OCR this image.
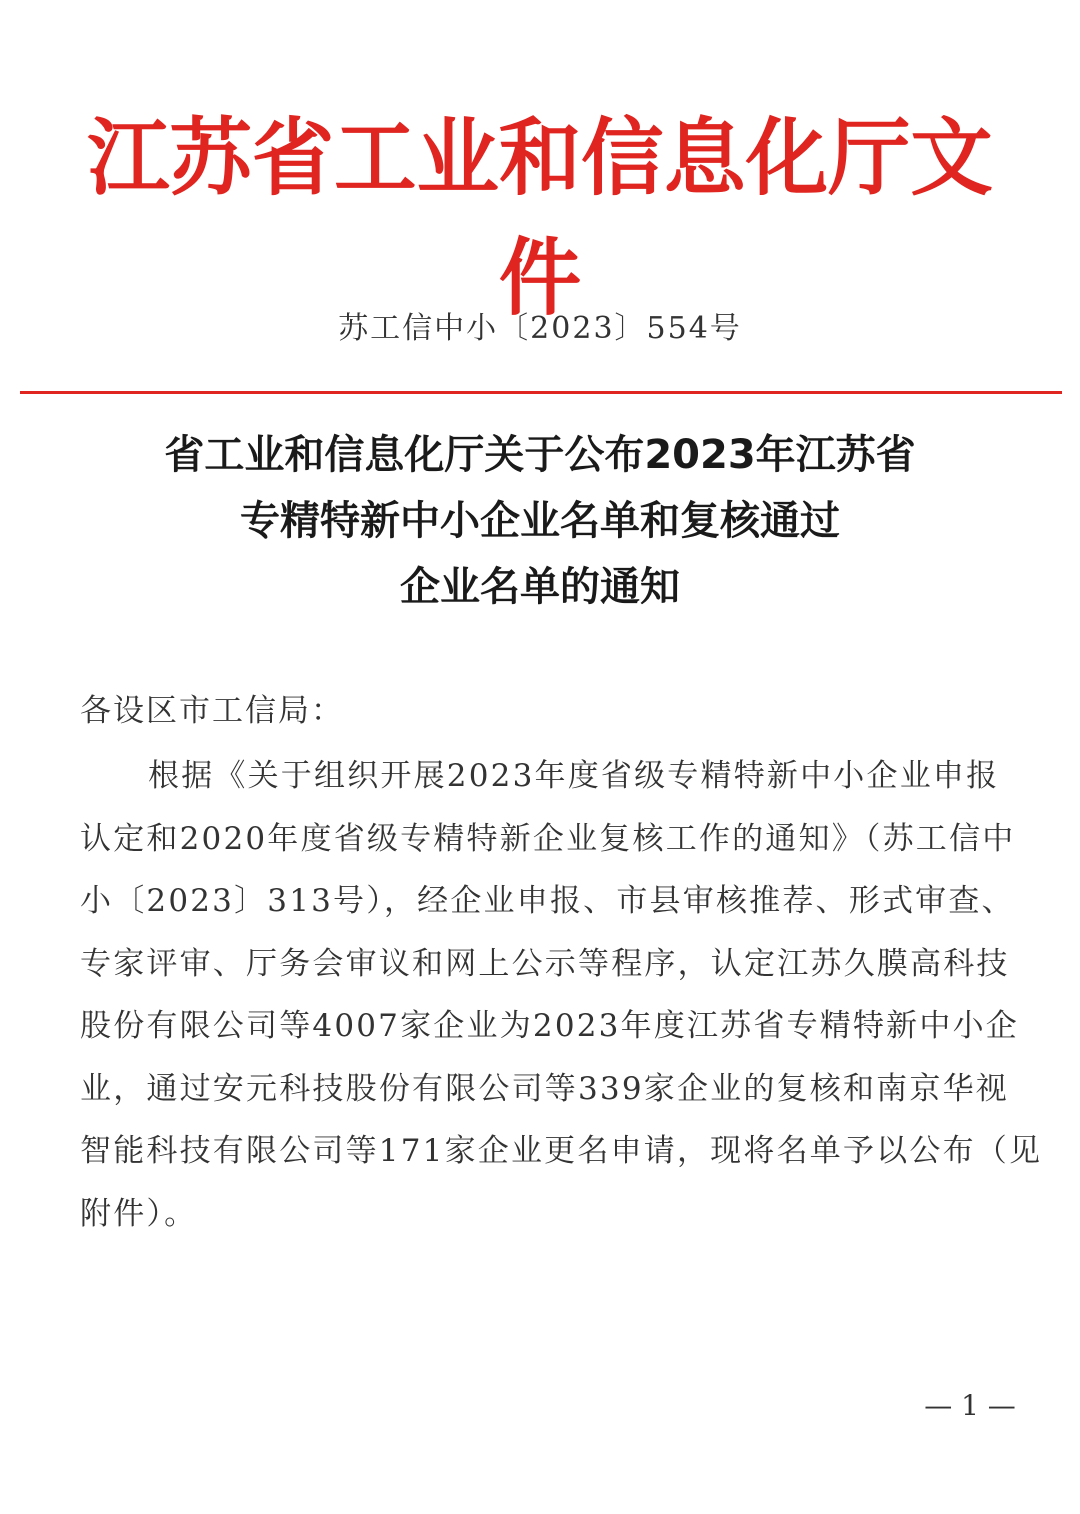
江苏省工业和信息化厅文件
苏工信中小〔2023〕554号
省工业和信息化厅关于公布2023年江苏省
专精特新中小企业名单和复核通过
企业名单的通知
各设区市工信局：
根据《关于组织开展2023年度省级专精特新中小企业申报
认定和2020年度省级专精特新企业复核工作的通知》（苏工信中
小〔2023〕313号），经企业申报、市县审核推荐、形式审查、
专家评审、厅务会审议和网上公示等程序，认定江苏久膜高科技
股份有限公司等4007家企业为2023年度江苏省专精特新中小企
业，通过安元科技股份有限公司等339家企业的复核和南京华视
智能科技有限公司等171家企业更名申请，现将名单予以公布（见
附件）。
— 1 —
